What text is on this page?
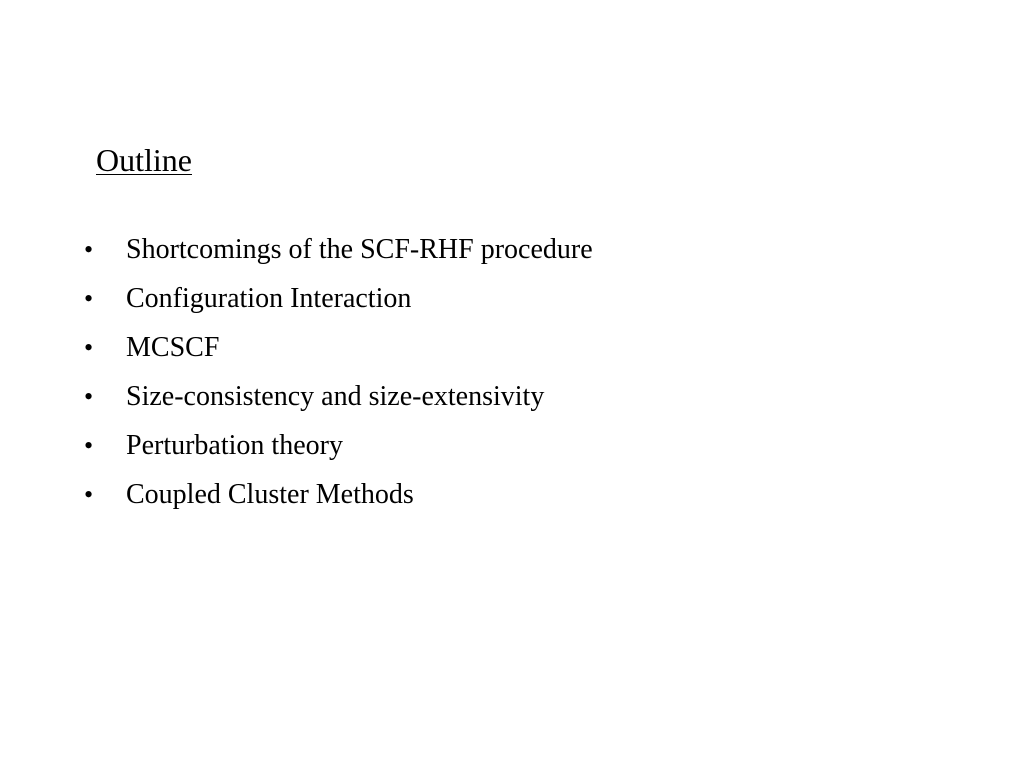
Outline
•	Shortcomings of the SCF-RHF procedure
•	Configuration Interaction
•	MCSCF
•	Size-consistency and size-extensivity
•	Perturbation theory
•	Coupled Cluster Methods
